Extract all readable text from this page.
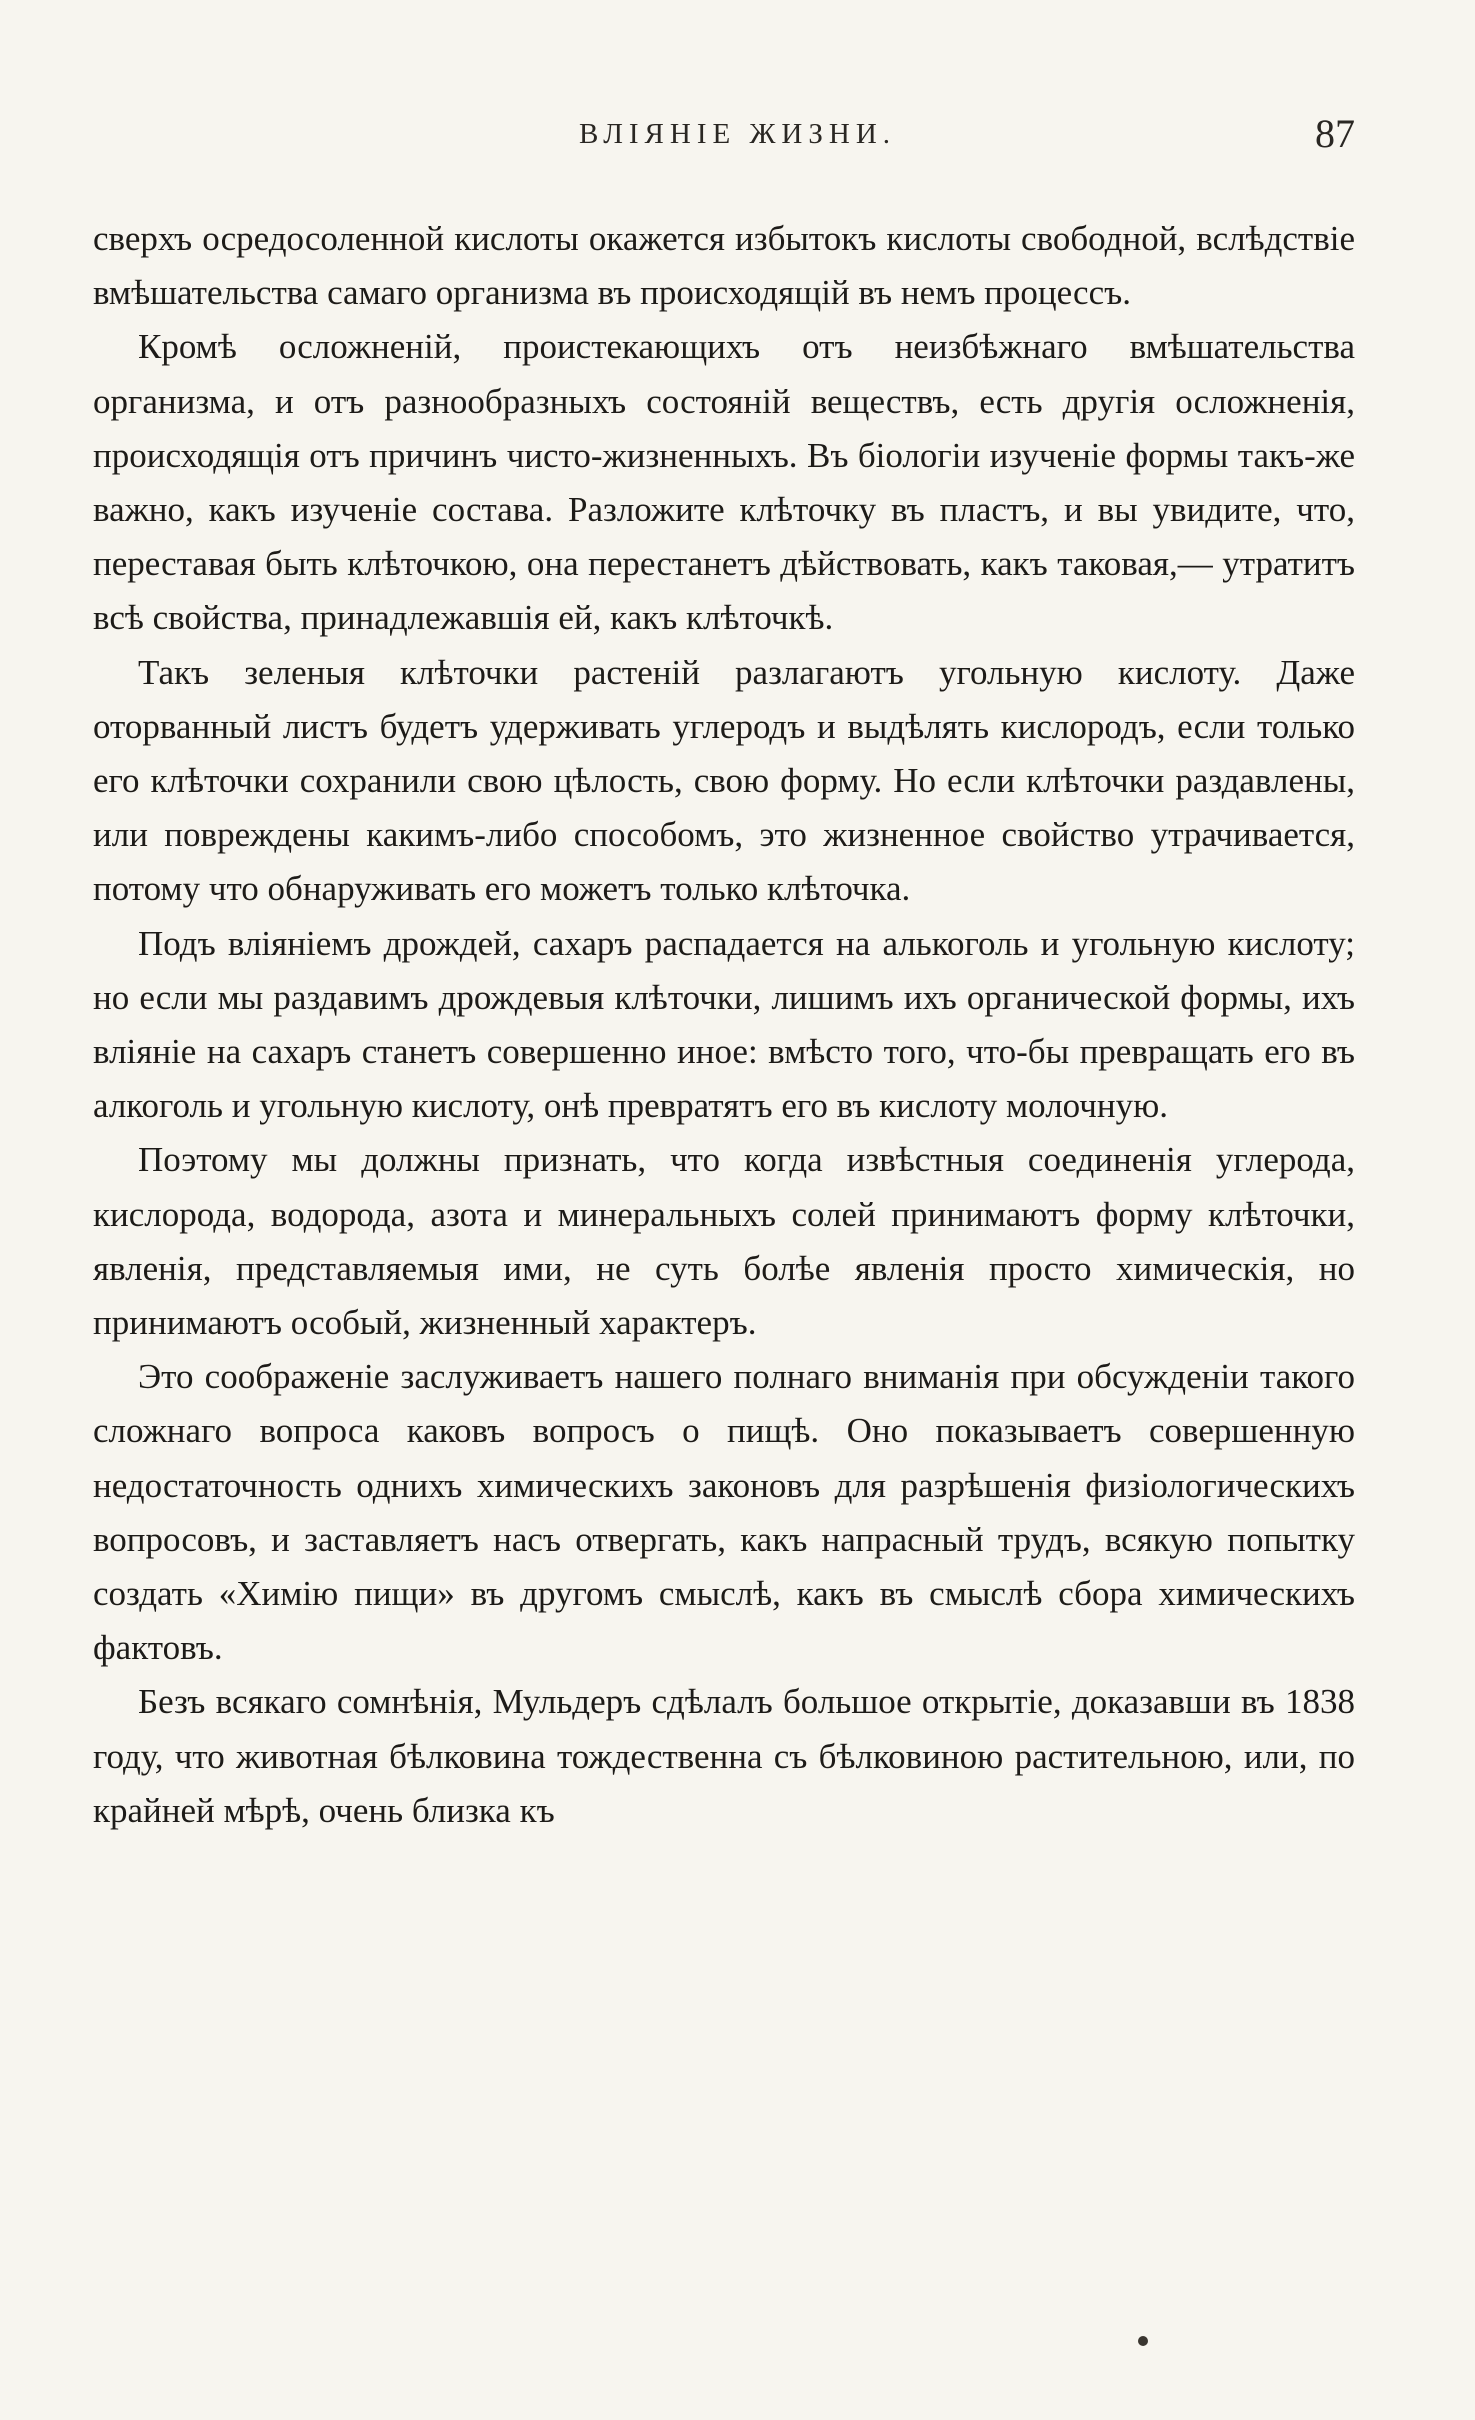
ВЛІЯНІЕ ЖИЗНИ.	87

сверхъ осредосоленной кислоты окажется избытокъ кислоты свободной, вслѣдствіе вмѣшательства самаго организма въ происходящій въ немъ процессъ.

Кромѣ осложненій, проистекающихъ отъ неизбѣжнаго вмѣшательства организма, и отъ разнообразныхъ состояній веществъ, есть другія осложненія, происходящія отъ причинъ чисто-жизненныхъ. Въ біологіи изученіе формы такъ-же важно, какъ изученіе состава. Разложите клѣточку въ пластъ, и вы увидите, что, переставая быть клѣточкою, она перестанетъ дѣйствовать, какъ таковая,— утратитъ всѣ свойства, принадлежавшія ей, какъ клѣточкѣ.

Такъ зеленыя клѣточки растеній разлагаютъ угольную кислоту. Даже оторванный листъ будетъ удерживать углеродъ и выдѣлять кислородъ, если только его клѣточки сохранили свою цѣлость, свою форму. Но если клѣточки раздавлены, или повреждены какимъ-либо способомъ, это жизненное свойство утрачивается, потому что обнаруживать его можетъ только клѣточка.

Подъ вліяніемъ дрождей, сахаръ распадается на алькоголь и угольную кислоту; но если мы раздавимъ дрождевыя клѣточки, лишимъ ихъ органической формы, ихъ вліяніе на сахаръ станетъ совершенно иное: вмѣсто того, что-бы превращать его въ алкоголь и угольную кислоту, онѣ превратятъ его въ кислоту молочную.

Поэтому мы должны признать, что когда извѣстныя соединенія углерода, кислорода, водорода, азота и минеральныхъ солей принимаютъ форму клѣточки, явленія, представляемыя ими, не суть болѣе явленія просто химическія, но принимаютъ особый, жизненный характеръ.

Это соображеніе заслуживаетъ нашего полнаго вниманія при обсужденіи такого сложнаго вопроса каковъ вопросъ о пищѣ. Оно показываетъ совершенную недостаточность однихъ химическихъ законовъ для разрѣшенія физіологическихъ вопросовъ, и заставляетъ насъ отвергать, какъ напрасный трудъ, всякую попытку создать «Химію пищи» въ другомъ смыслѣ, какъ въ смыслѣ сбора химическихъ фактовъ.

Безъ всякаго сомнѣнія, Мульдеръ сдѣлалъ большое открытіе, доказавши въ 1838 году, что животная бѣлковина тождественна съ бѣлковиною растительною, или, по крайней мѣрѣ, очень близка къ
